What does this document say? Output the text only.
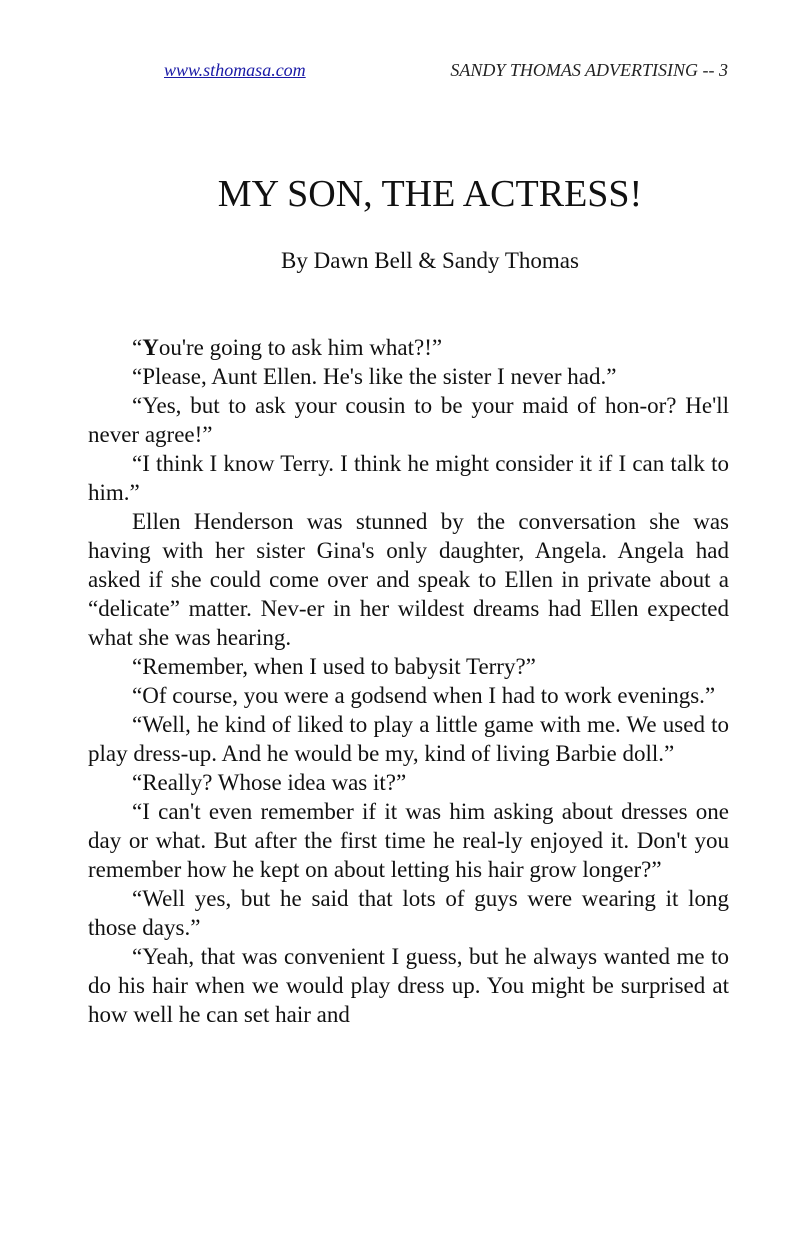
www.sthomasa.com	SANDY THOMAS ADVERTISING -- 3
MY SON, THE ACTRESS!

By Dawn Bell & Sandy Thomas

“You're going to ask him what?!”

“Please, Aunt Ellen. He's like the sister I never had.”

“Yes, but to ask your cousin to be your maid of hon-or? He'll never agree!”

“I think I know Terry. I think he might consider it if I can talk to him.”

Ellen Henderson was stunned by the conversation she was having with her sister Gina's only daughter, Angela. Angela had asked if she could come over and speak to Ellen in private about a “delicate” matter. Nev-er in her wildest dreams had Ellen expected what she was hearing.

“Remember, when I used to babysit Terry?”

“Of course, you were a godsend when I had to work evenings.”

“Well, he kind of liked to play a little game with me. We used to play dress-up. And he would be my, kind of living Barbie doll.”

“Really? Whose idea was it?”

“I can't even remember if it was him asking about dresses one day or what. But after the first time he real-ly enjoyed it. Don't you remember how he kept on about letting his hair grow longer?”

“Well yes, but he said that lots of guys were wearing it long those days.”

“Yeah, that was convenient I guess, but he always wanted me to do his hair when we would play dress up. You might be surprised at how well he can set hair and
